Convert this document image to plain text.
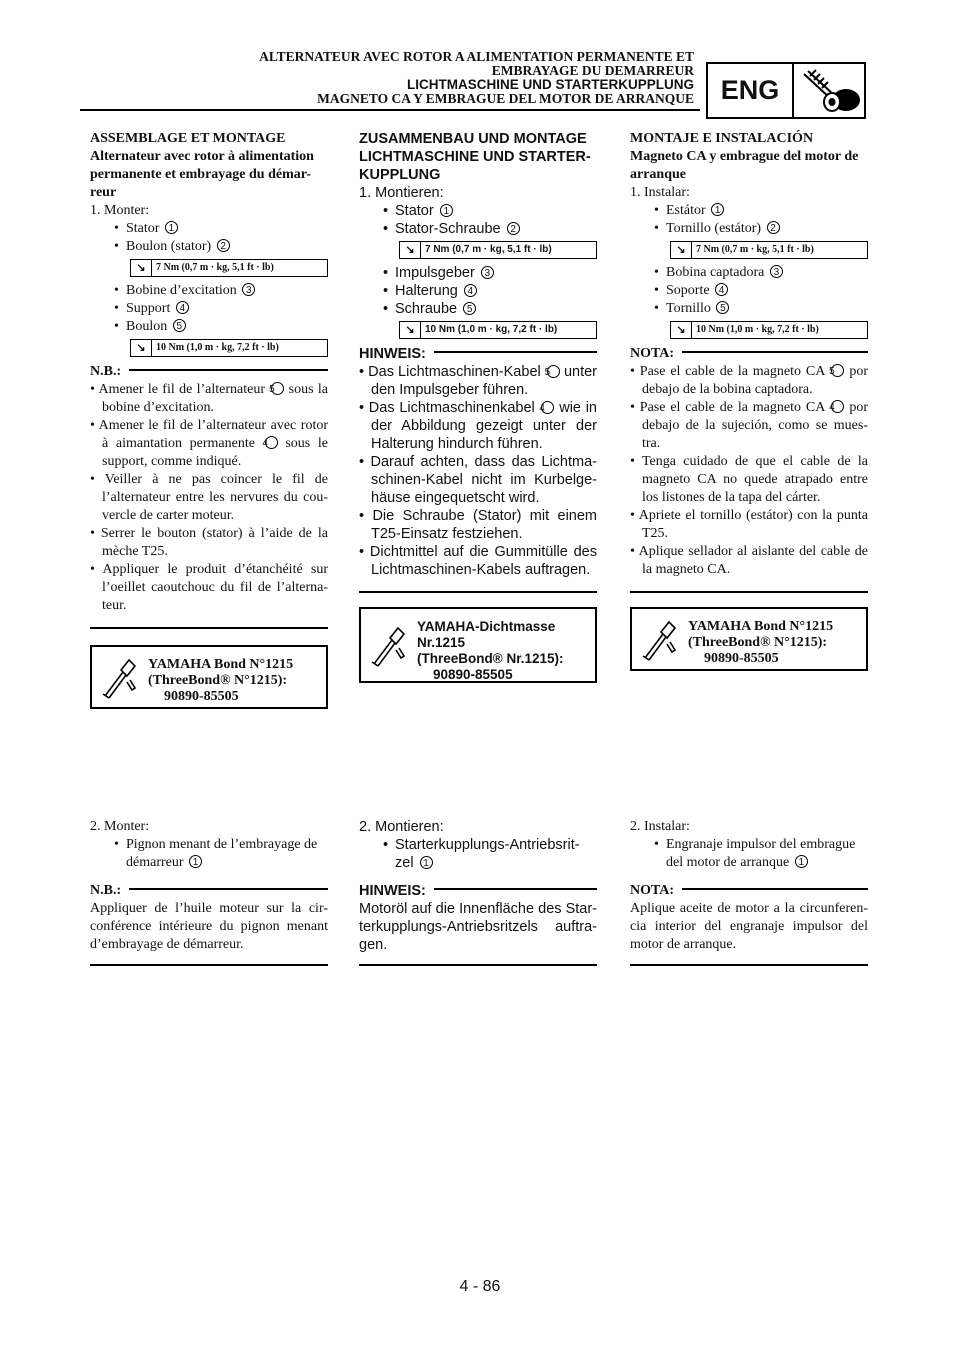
ALTERNATEUR AVEC ROTOR A ALIMENTATION PERMANENTE ET
EMBRAYAGE DU DEMARREUR
LICHTMASCHINE UND STARTERKUPPLUNG
MAGNETO CA Y EMBRAGUE DEL MOTOR DE ARRANQUE ENG
ASSEMBLAGE ET MONTAGE
Alternateur avec rotor à alimentation permanente et embrayage du démar-reur
1. Monter:
• Stator 1
• Boulon (stator) 2
↘	7 Nm (0,7 m · kg, 5,1 ft · lb)
• Bobine d’excitation 3
• Support 4
• Boulon 5
↘	10 Nm (1,0 m · kg, 7,2 ft · lb)
N.B.:
• Amener le fil de l’alternateur 5 sous la bobine d’excitation.
• Amener le fil de l’alternateur avec rotor à aimantation permanente 4 sous le support, comme indiqué.
• Veiller à ne pas coincer le fil de l’alternateur entre les nervures du cou-vercle de carter moteur.
• Serrer le bouton (stator) à l’aide de la mèche T25.
• Appliquer le produit d’étanchéité sur l’oeillet caoutchouc du fil de l’alterna-teur.
YAMAHA Bond N°1215
(ThreeBond® N°1215):
90890-85505
2. Monter:
• Pignon menant de l’embrayage de démarreur 1
N.B.:
Appliquer de l’huile moteur sur la cir-conférence intérieure du pignon menant d’embrayage de démarreur.
ZUSAMMENBAU UND MONTAGE LICHTMASCHINE UND STARTER-KUPPLUNG
1. Montieren:
• Stator 1
• Stator-Schraube 2
↘	7 Nm (0,7 m · kg, 5,1 ft · lb)
• Impulsgeber 3
• Halterung 4
• Schraube 5
↘	10 Nm (1,0 m · kg, 7,2 ft · lb)
HINWEIS:
• Das Lichtmaschinen-Kabel 5 unter den Impulsgeber führen.
• Das Lichtmaschinenkabel 4 wie in der Abbildung gezeigt unter der Halterung hindurch führen.
• Darauf achten, dass das Lichtma-schinen-Kabel nicht im Kurbelge-häuse eingequetscht wird.
• Die Schraube (Stator) mit einem T25-Einsatz festziehen.
• Dichtmittel auf die Gummitülle des Lichtmaschinen-Kabels auftragen.
YAMAHA-Dichtmasse
Nr.1215
(ThreeBond® Nr.1215):
90890-85505
2. Montieren:
• Starterkupplungs-Antriebsrit-zel 1
HINWEIS:
Motoröl auf die Innenfläche des Star-terkupplungs-Antriebsritzels auftra-gen.
MONTAJE E INSTALACIÓN
Magneto CA y embrague del motor de arranque
1. Instalar:
• Estátor 1
• Tornillo (estátor) 2
↘	7 Nm (0,7 m · kg, 5,1 ft · lb)
• Bobina captadora 3
• Soporte 4
• Tornillo 5
↘	10 Nm (1,0 m · kg, 7,2 ft · lb)
NOTA:
• Pase el cable de la magneto CA 5 por debajo de la bobina captadora.
• Pase el cable de la magneto CA 4 por debajo de la sujeción, como se mues-tra.
• Tenga cuidado de que el cable de la magneto CA no quede atrapado entre los listones de la tapa del cárter.
• Apriete el tornillo (estátor) con la punta T25.
• Aplique sellador al aislante del cable de la magneto CA.
YAMAHA Bond N°1215
(ThreeBond® N°1215):
90890-85505
2. Instalar:
• Engranaje impulsor del embrague del motor de arranque 1
NOTA:
Aplique aceite de motor a la circunferen-cia interior del engranaje impulsor del motor de arranque.
4 - 86
